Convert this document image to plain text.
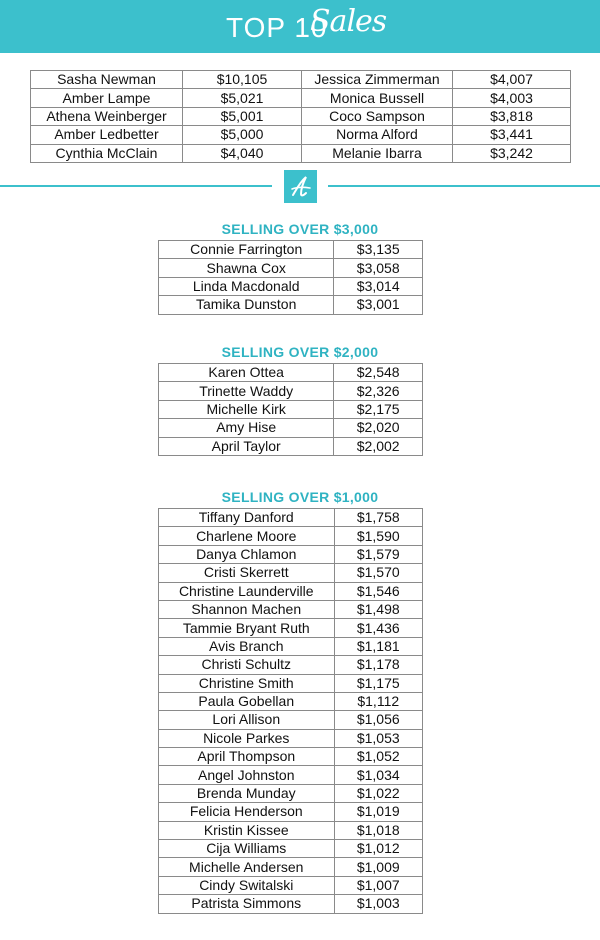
TOP 10
Sales
Sasha Newman	$10,105	Jessica Zimmerman	$4,007
Amber Lampe	$5,021	Monica Bussell	$4,003
Athena Weinberger	$5,001	Coco Sampson	$3,818
Amber Ledbetter	$5,000	Norma Alford	$3,441
Cynthia McClain	$4,040	Melanie Ibarra	$3,242
SELLING OVER $3,000
Connie Farrington	$3,135
Shawna Cox	$3,058
Linda Macdonald	$3,014
Tamika Dunston	$3,001
SELLING OVER $2,000
Karen Ottea	$2,548
Trinette Waddy	$2,326
Michelle Kirk	$2,175
Amy Hise	$2,020
April Taylor	$2,002
SELLING OVER $1,000
Tiffany Danford	$1,758
Charlene Moore	$1,590
Danya Chlamon	$1,579
Cristi Skerrett	$1,570
Christine Launderville	$1,546
Shannon Machen	$1,498
Tammie Bryant Ruth	$1,436
Avis Branch	$1,181
Christi Schultz	$1,178
Christine Smith	$1,175
Paula Gobellan	$1,112
Lori Allison	$1,056
Nicole Parkes	$1,053
April Thompson	$1,052
Angel Johnston	$1,034
Brenda Munday	$1,022
Felicia Henderson	$1,019
Kristin Kissee	$1,018
Cija Williams	$1,012
Michelle Andersen	$1,009
Cindy Switalski	$1,007
Patrista Simmons	$1,003
